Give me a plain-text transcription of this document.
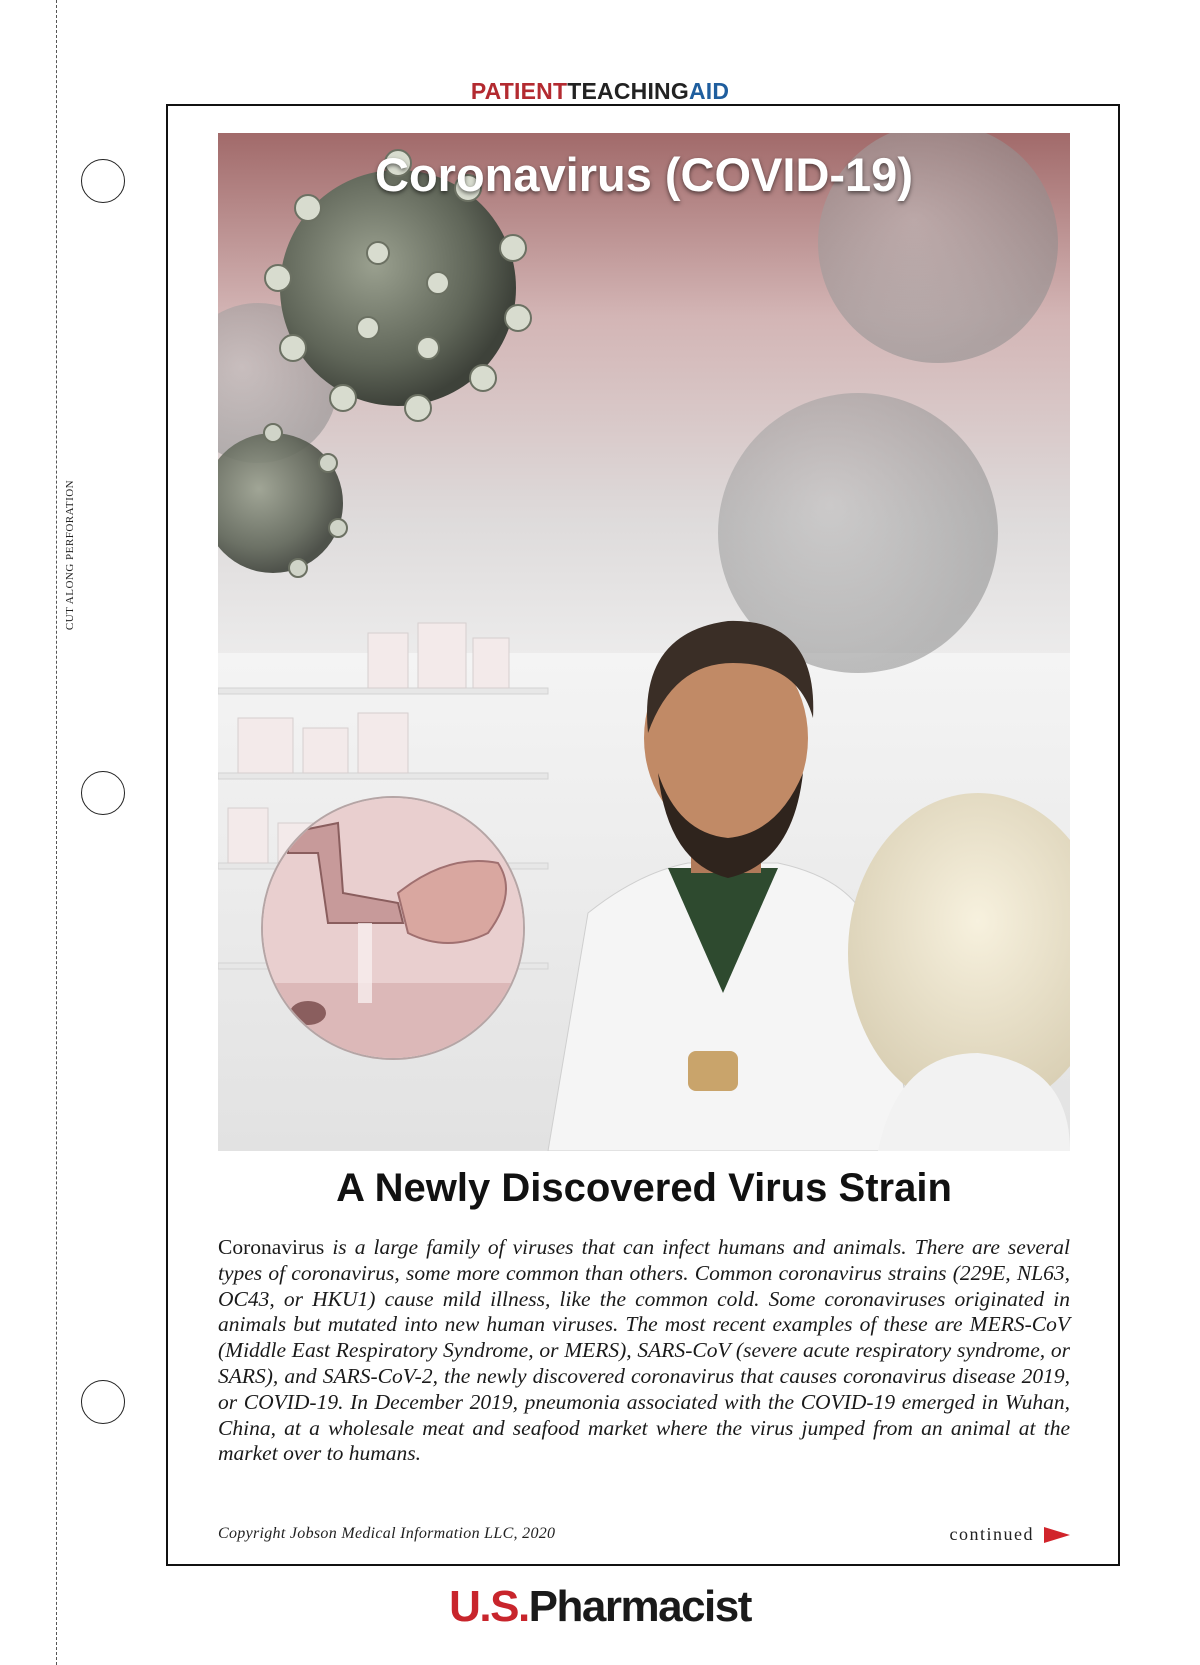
CUT ALONG PERFORATION
PATIENTTEACHINGAID
Coronavirus (COVID-19)
A Newly Discovered Virus Strain

Coronavirus is a large family of viruses that can infect humans and animals. There are several types of coronavirus, some more common than others. Common coronavirus strains (229E, NL63, OC43, or HKU1) cause mild illness, like the common cold. Some coronaviruses originated in animals but mutated into new human viruses. The most recent examples of these are MERS-CoV (Middle East Respiratory Syndrome, or MERS), SARS-CoV (severe acute respiratory syndrome, or SARS), and SARS-CoV-2, the newly discovered coronavirus that causes coronavirus disease 2019, or COVID-19. In December 2019, pneumonia associated with the COVID-19 emerged in Wuhan, China, at a wholesale meat and seafood market where the virus jumped from an animal at the market over to humans.

Copyright Jobson Medical Information LLC, 2020	continued
U.S.Pharmacist
